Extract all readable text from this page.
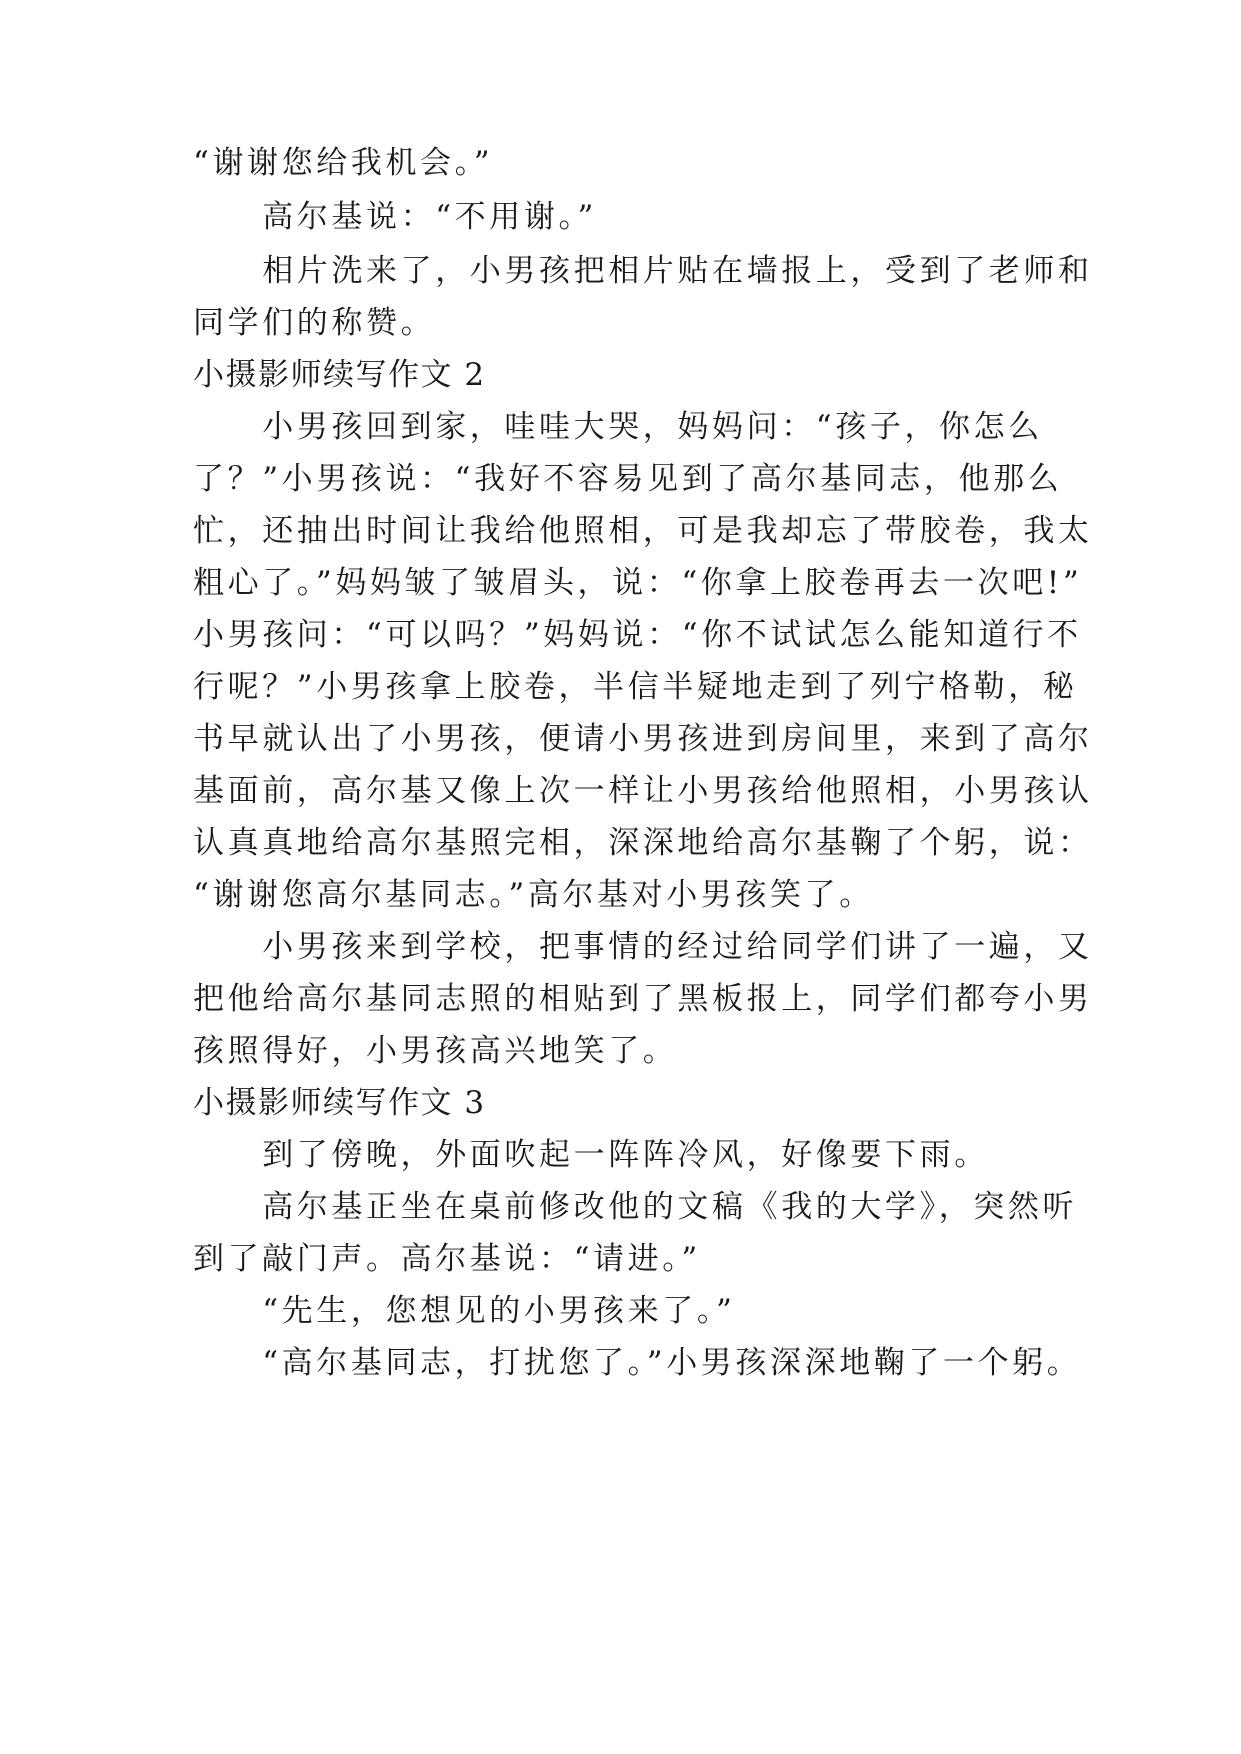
“谢谢您给我机会。”
　　高尔基说：“不用谢。”
　　相片洗来了，小男孩把相片贴在墙报上，受到了老师和
同学们的称赞。
小摄影师续写作文 2
　　小男孩回到家，哇哇大哭，妈妈问：“孩子，你怎么
了？”小男孩说：“我好不容易见到了高尔基同志，他那么
忙，还抽出时间让我给他照相，可是我却忘了带胶卷，我太
粗心了。”妈妈皱了皱眉头，说：“你拿上胶卷再去一次吧!”
小男孩问：“可以吗？”妈妈说：“你不试试怎么能知道行不
行呢？”小男孩拿上胶卷，半信半疑地走到了列宁格勒，秘
书早就认出了小男孩，便请小男孩进到房间里，来到了高尔
基面前，高尔基又像上次一样让小男孩给他照相，小男孩认
认真真地给高尔基照完相，深深地给高尔基鞠了个躬，说：
“谢谢您高尔基同志。”高尔基对小男孩笑了。
　　小男孩来到学校，把事情的经过给同学们讲了一遍，又
把他给高尔基同志照的相贴到了黑板报上，同学们都夸小男
孩照得好，小男孩高兴地笑了。
小摄影师续写作文 3
　　到了傍晚，外面吹起一阵阵冷风，好像要下雨。
　　高尔基正坐在桌前修改他的文稿《我的大学》，突然听
到了敲门声。高尔基说：“请进。”
　　“先生，您想见的小男孩来了。”
　　“高尔基同志，打扰您了。”小男孩深深地鞠了一个躬。
